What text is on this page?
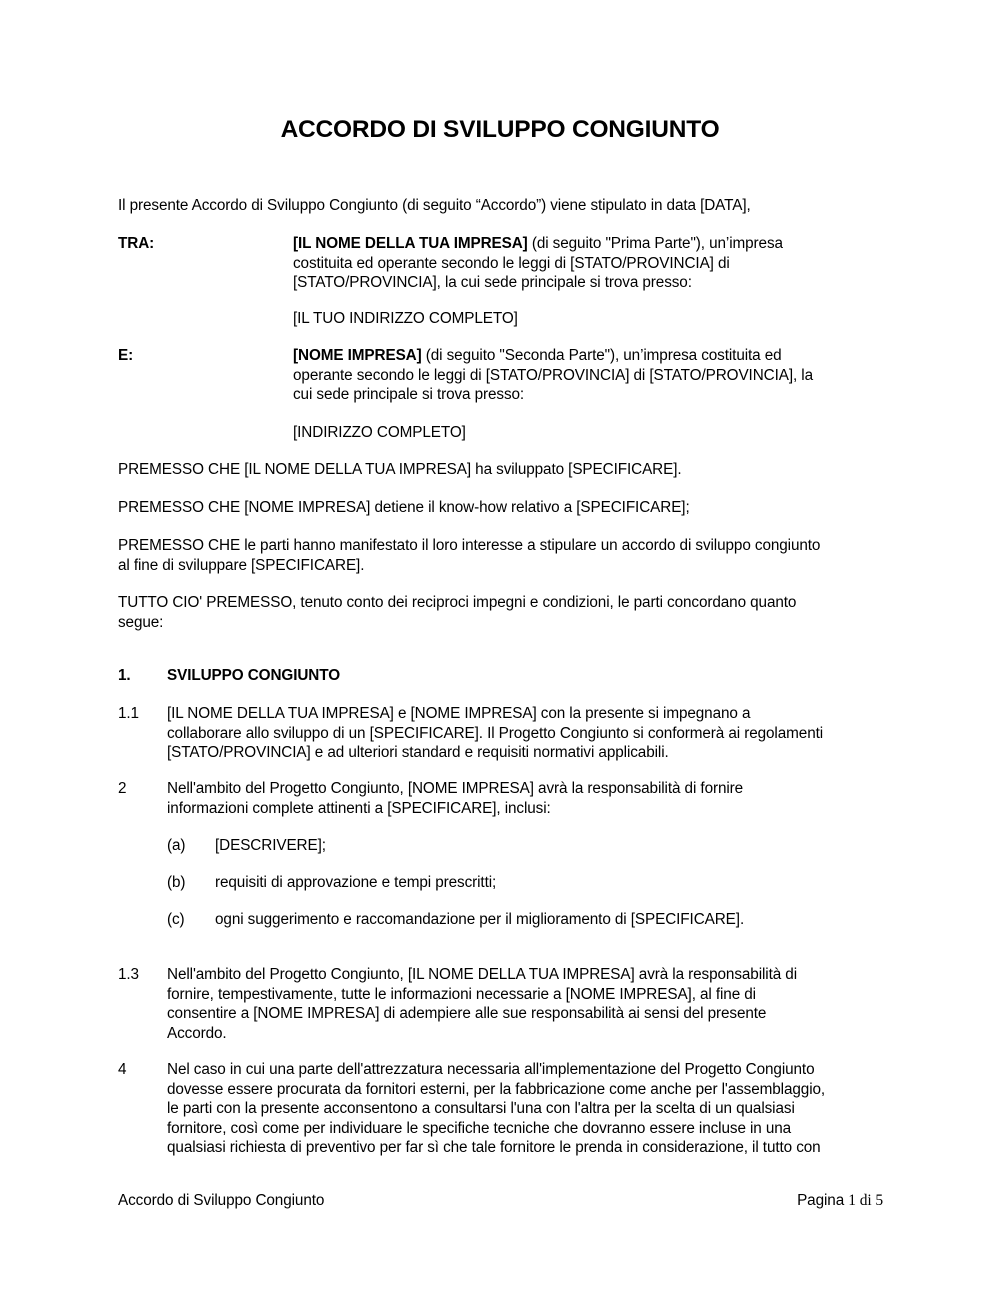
ACCORDO DI SVILUPPO CONGIUNTO
Il presente Accordo di Sviluppo Congiunto (di seguito “Accordo”) viene stipulato in data [DATA],
TRA:	[IL NOME DELLA TUA IMPRESA] (di seguito "Prima Parte"), un’impresa
costituita ed operante secondo le leggi di [STATO/PROVINCIA] di
[STATO/PROVINCIA], la cui sede principale si trova presso:
[IL TUO INDIRIZZO COMPLETO]
E:	[NOME IMPRESA] (di seguito "Seconda Parte"), un’impresa costituita ed
operante secondo le leggi di [STATO/PROVINCIA] di [STATO/PROVINCIA], la
cui sede principale si trova presso:
[INDIRIZZO COMPLETO]
PREMESSO CHE [IL NOME DELLA TUA IMPRESA] ha sviluppato [SPECIFICARE].
PREMESSO CHE [NOME IMPRESA] detiene il know-how relativo a [SPECIFICARE];
PREMESSO CHE le parti hanno manifestato il loro interesse a stipulare un accordo di sviluppo congiunto
al fine di sviluppare [SPECIFICARE].
TUTTO CIO' PREMESSO, tenuto conto dei reciproci impegni e condizioni, le parti concordano quanto
segue:
1. SVILUPPO CONGIUNTO
1.1 [IL NOME DELLA TUA IMPRESA] e [NOME IMPRESA] con la presente si impegnano a
collaborare allo sviluppo di un [SPECIFICARE]. Il Progetto Congiunto si conformerà ai regolamenti
[STATO/PROVINCIA] e ad ulteriori standard e requisiti normativi applicabili.
2	Nell'ambito del Progetto Congiunto, [NOME IMPRESA] avrà la responsabilità di fornire
informazioni complete attinenti a [SPECIFICARE], inclusi:
(a) [DESCRIVERE];
(b) requisiti di approvazione e tempi prescritti;
(c) ogni suggerimento e raccomandazione per il miglioramento di [SPECIFICARE].
1.3 Nell'ambito del Progetto Congiunto, [IL NOME DELLA TUA IMPRESA] avrà la responsabilità di
fornire, tempestivamente, tutte le informazioni necessarie a [NOME IMPRESA], al fine di
consentire a [NOME IMPRESA] di adempiere alle sue responsabilità ai sensi del presente
Accordo.
4	Nel caso in cui una parte dell'attrezzatura necessaria all'implementazione del Progetto Congiunto
dovesse essere procurata da fornitori esterni, per la fabbricazione come anche per l'assemblaggio,
le parti con la presente acconsentono a consultarsi l'una con l'altra per la scelta di un qualsiasi
fornitore, così come per individuare le specifiche tecniche che dovranno essere incluse in una
qualsiasi richiesta di preventivo per far sì che tale fornitore le prenda in considerazione, il tutto con
Accordo di Sviluppo Congiunto	Pagina 1 di 5
